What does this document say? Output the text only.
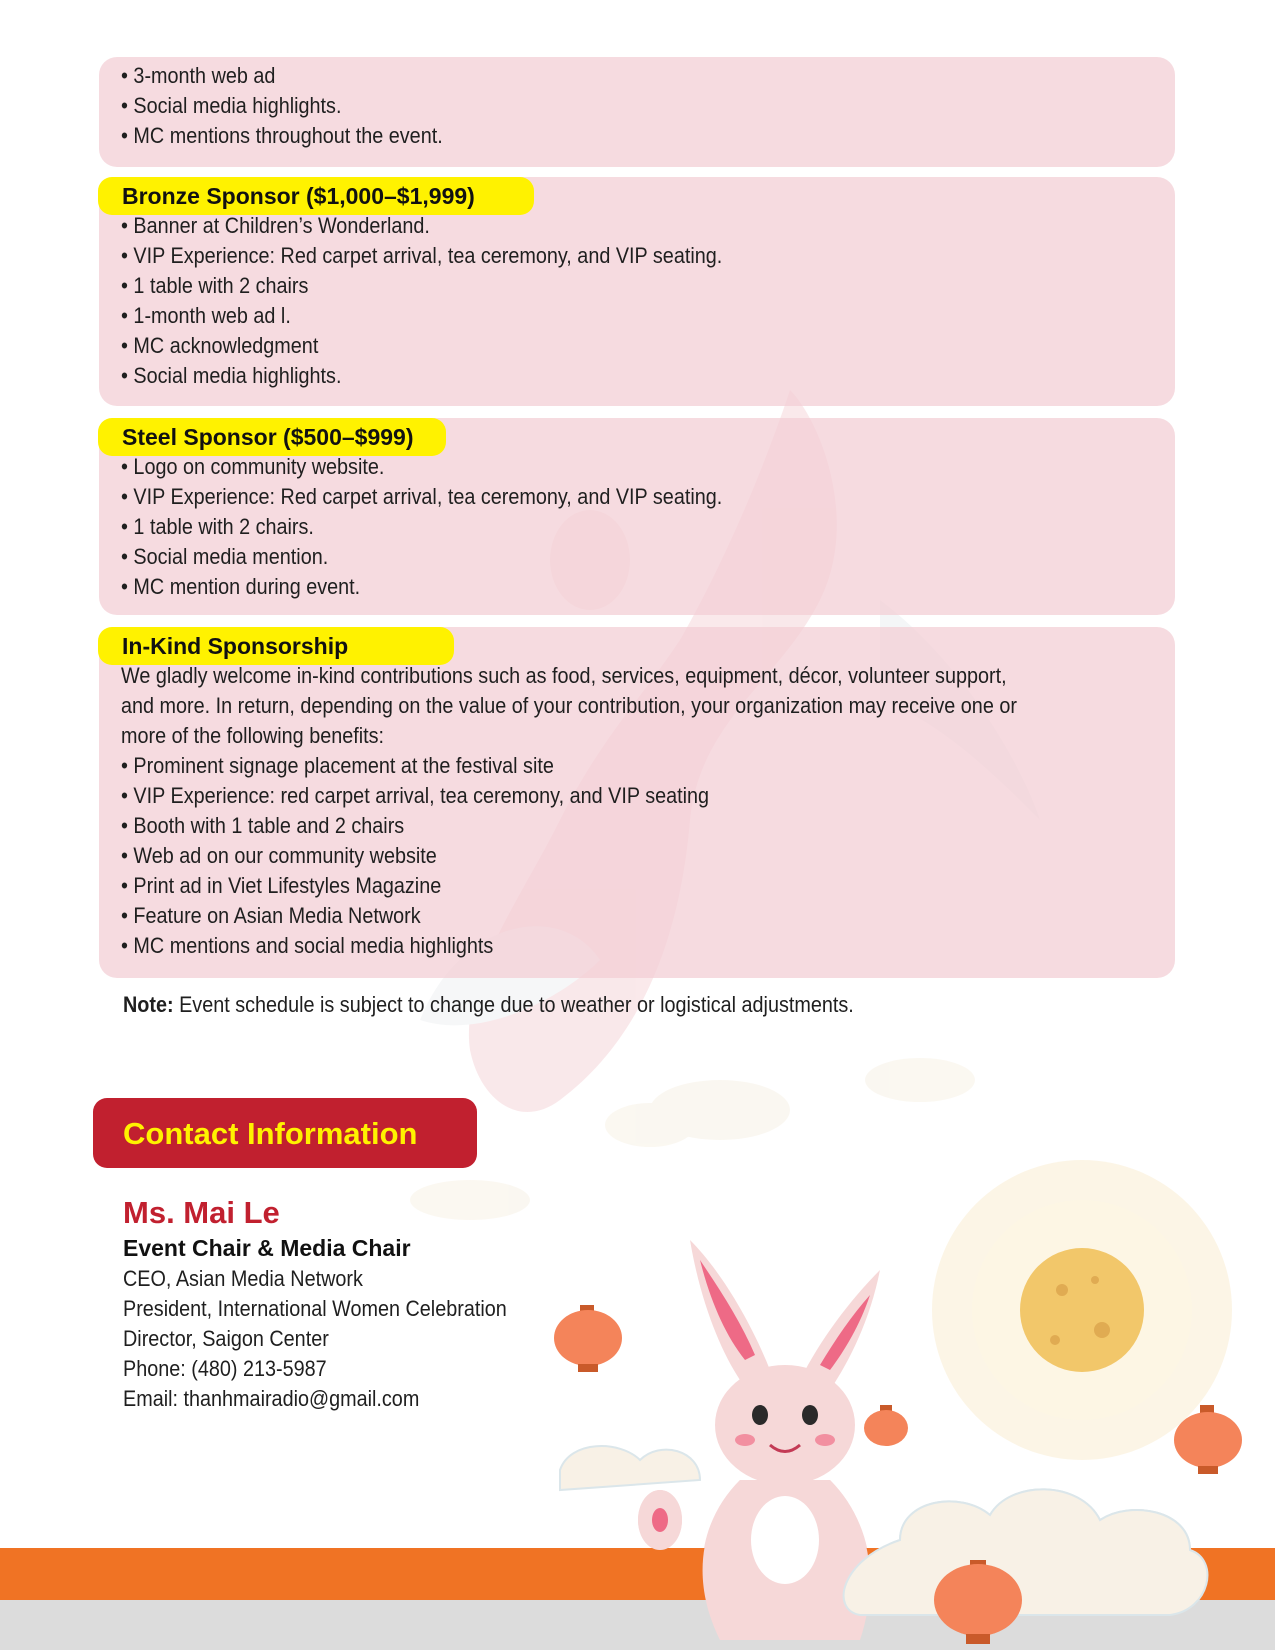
• 3-month web ad
• Social media highlights.
• MC mentions throughout the event.
Bronze Sponsor ($1,000–$1,999)
• Banner at Children’s Wonderland.
• VIP Experience: Red carpet arrival, tea ceremony, and VIP seating.
• 1 table with 2 chairs
• 1-month web ad l.
• MC acknowledgment
• Social media highlights.
Steel Sponsor ($500–$999)
• Logo on community website.
• VIP Experience: Red carpet arrival, tea ceremony, and VIP seating.
• 1 table with 2 chairs.
• Social media mention.
• MC mention during event.
In-Kind Sponsorship
We gladly welcome in-kind contributions such as food, services, equipment, décor, volunteer support,
and more. In return, depending on the value of your contribution, your organization may receive one or
more of the following benefits:
• Prominent signage placement at the festival site
• VIP Experience: red carpet arrival, tea ceremony, and VIP seating
• Booth with 1 table and 2 chairs
• Web ad on our community website
• Print ad in Viet Lifestyles Magazine
• Feature on Asian Media Network
• MC mentions and social media highlights
Note: Event schedule is subject to change due to weather or logistical adjustments.
Contact Information
Ms. Mai Le
Event Chair & Media Chair
CEO, Asian Media Network
President, International Women Celebration
Director, Saigon Center
Phone: (480) 213-5987
Email: thanhmairadio@gmail.com
